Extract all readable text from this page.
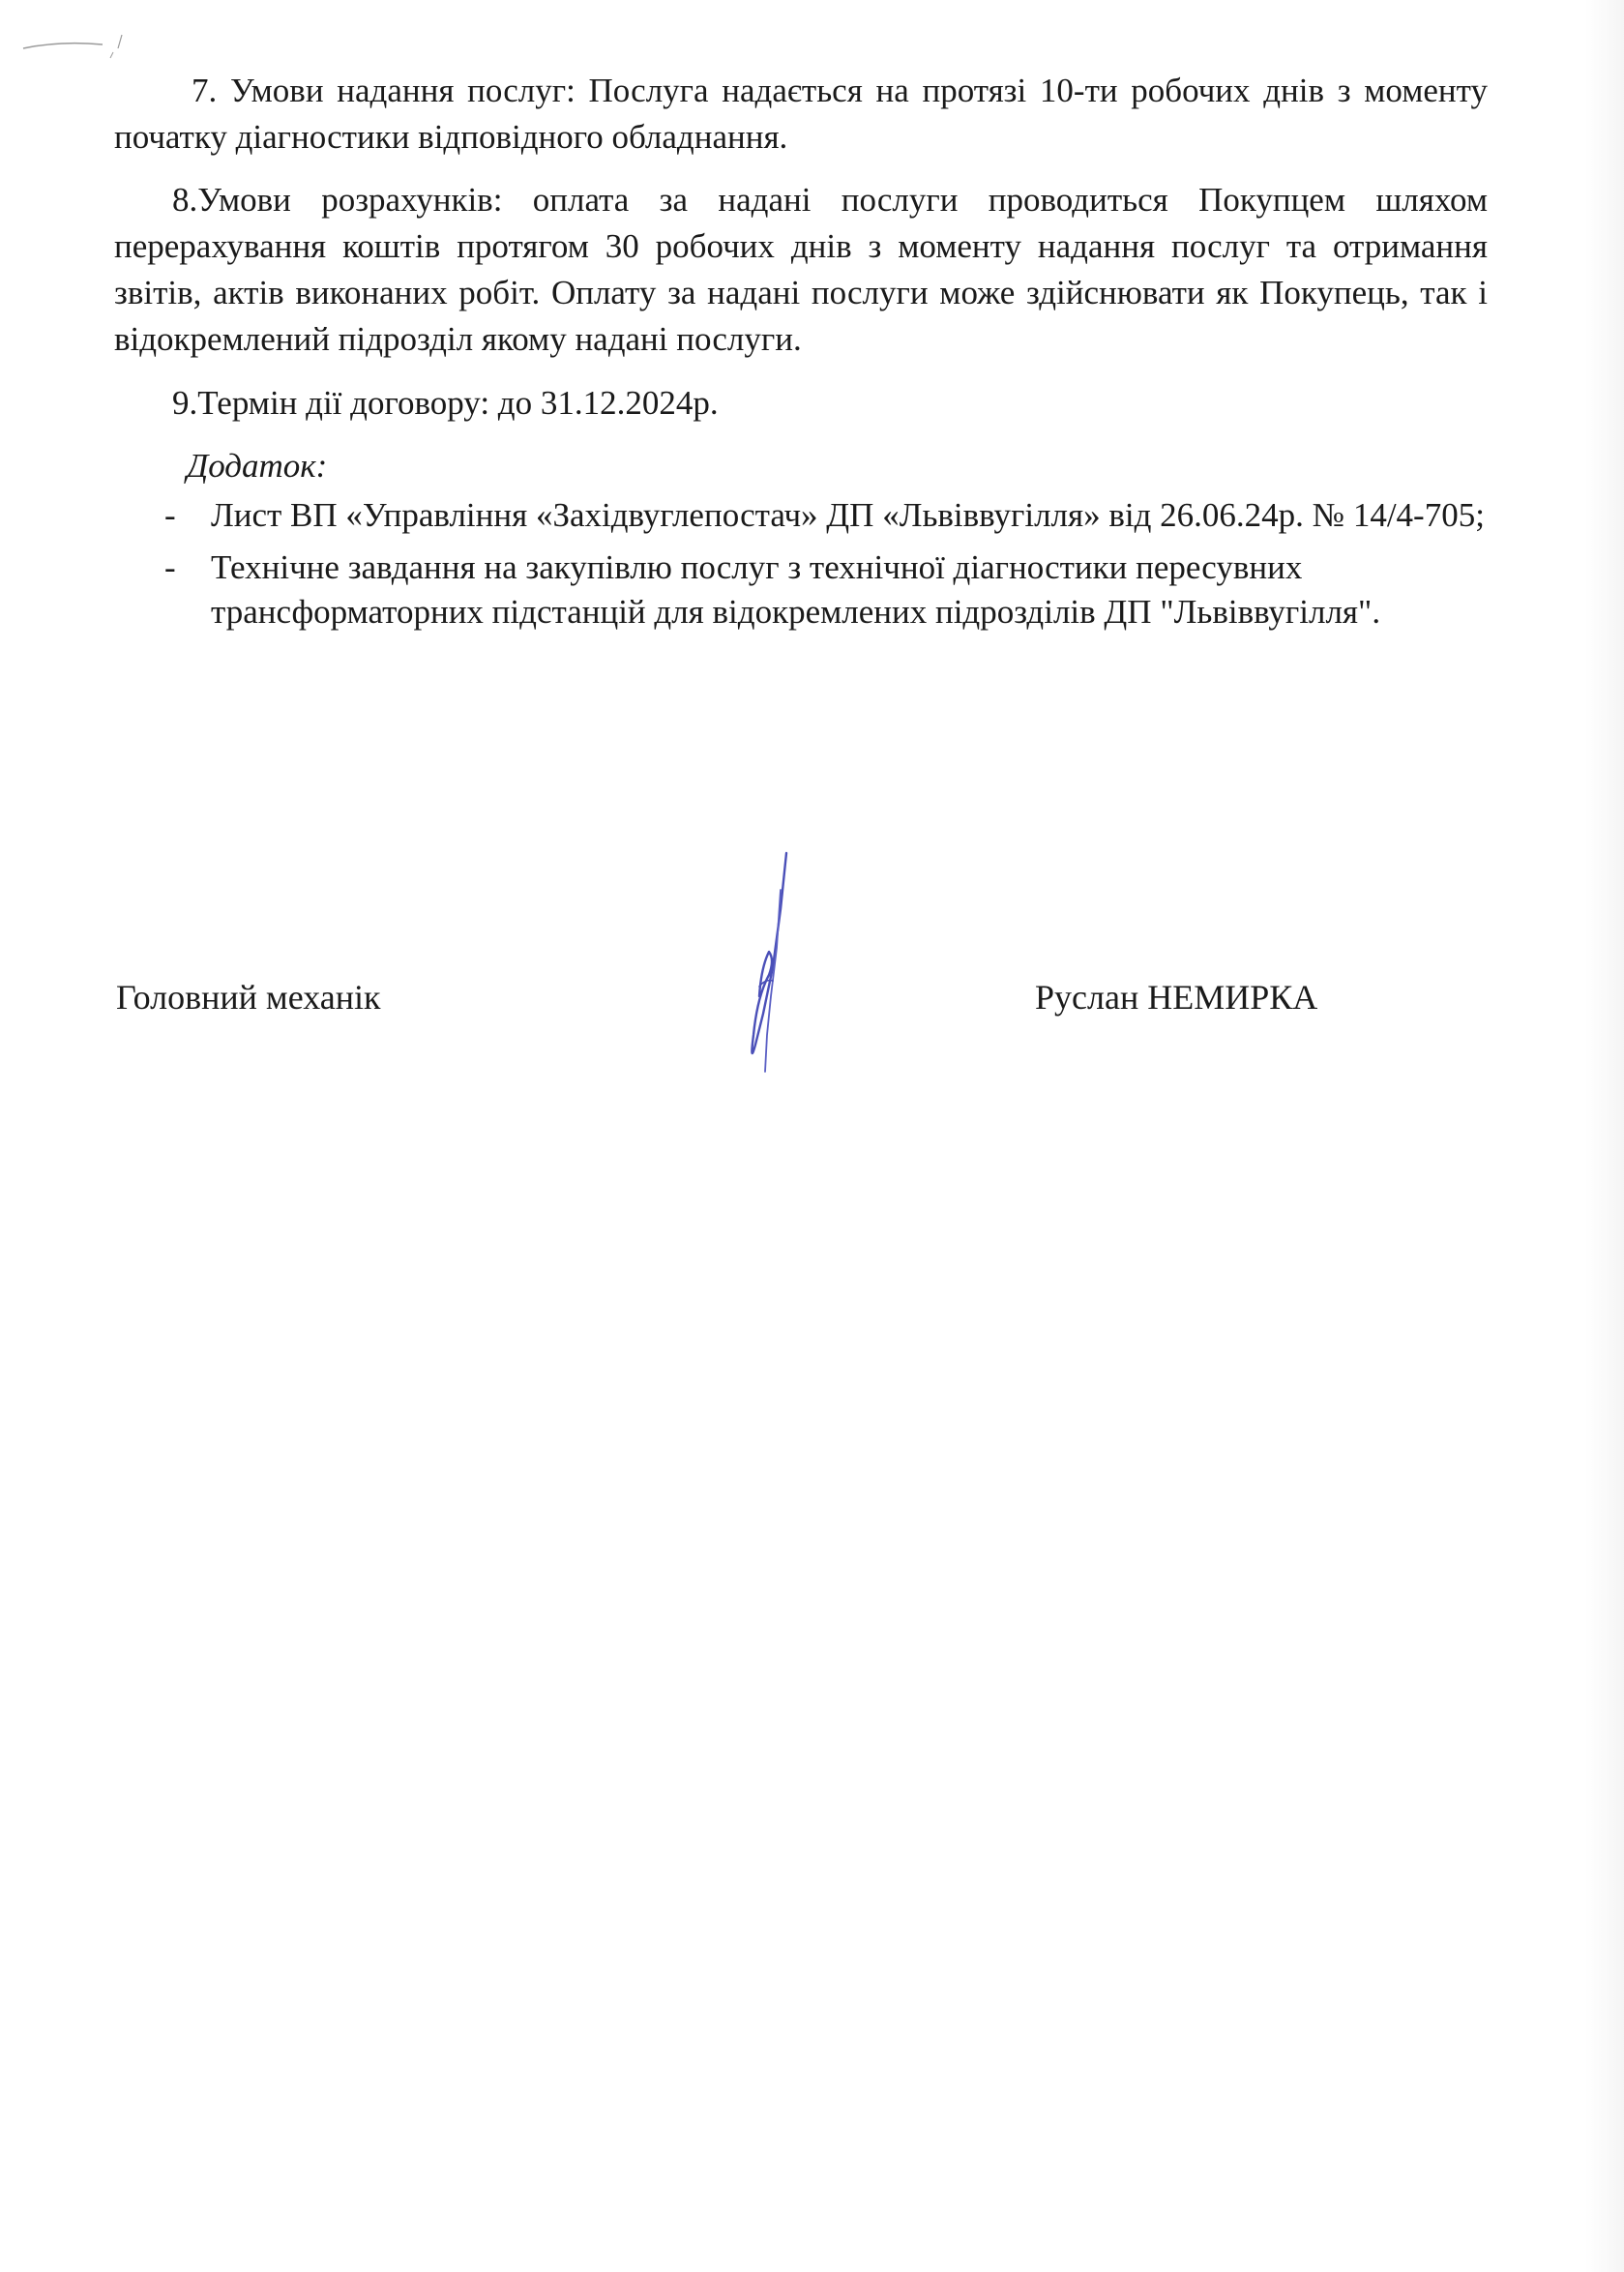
7. Умови надання послуг: Послуга надається на протязі 10-ти робочих днів з моменту початку діагностики відповідного обладнання.

8.Умови розрахунків: оплата за надані послуги проводиться Покупцем шляхом перерахування коштів протягом 30 робочих днів з моменту надання послуг та отримання звітів, актів виконаних робіт. Оплату за надані послуги може здійснювати як Покупець, так і відокремлений підрозділ якому надані послуги.

9.Термін дії договору: до 31.12.2024р.

Додаток:

- Лист ВП «Управління «Західвуглепостач» ДП «Львіввугілля» від 26.06.24р. № 14/4-705;
- Технічне завдання на закупівлю послуг з технічної діагностики пересувних трансформаторних підстанцій для відокремлених підрозділів ДП "Львіввугілля".

Головний механік	Руслан НЕМИРКА
